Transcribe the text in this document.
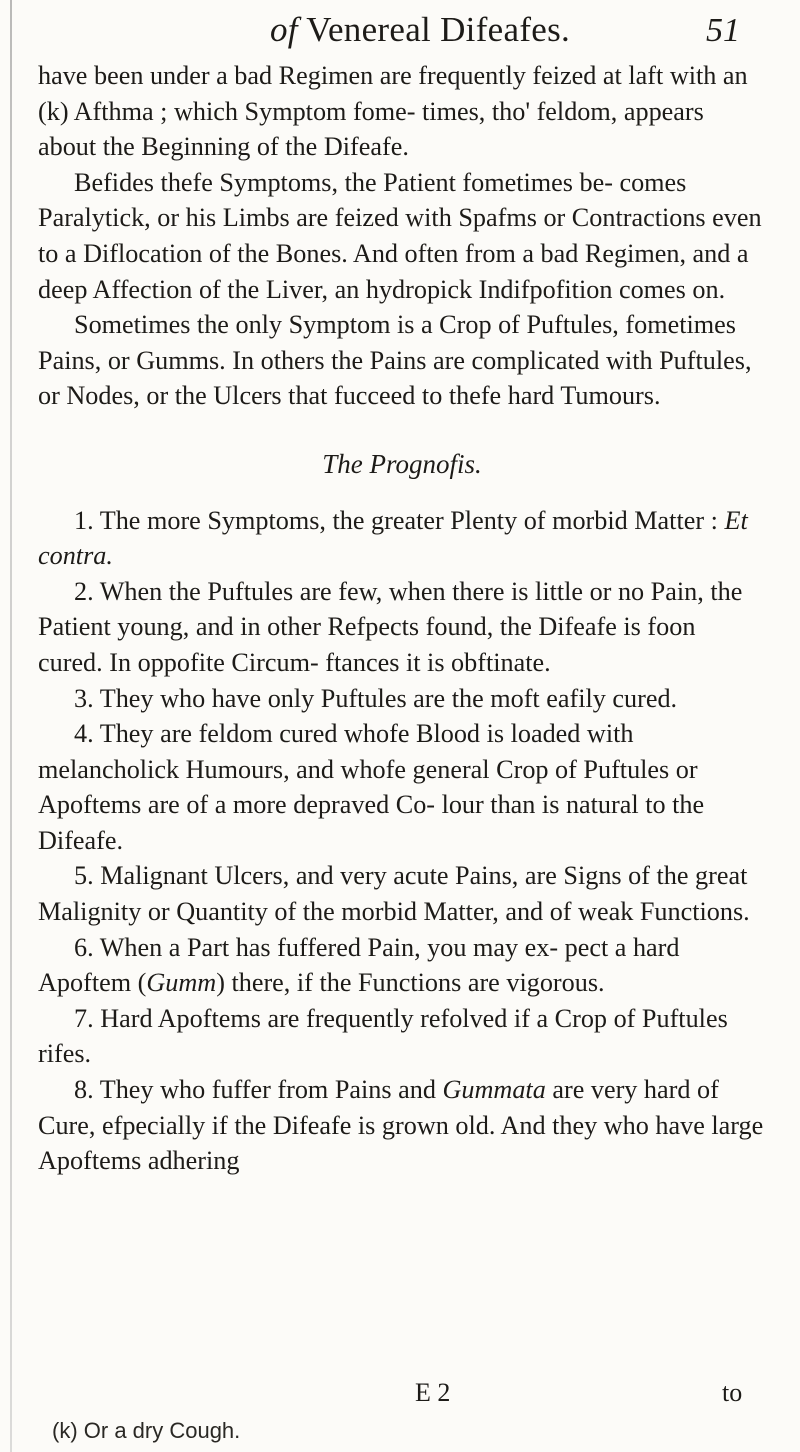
of Venereal Difeafes.	51

have been under a bad Regimen are frequently feized at laft with an (k) Afthma ; which Symptom fome- times, tho' feldom, appears about the Beginning of the Difeafe.

Befides thefe Symptoms, the Patient fometimes be- comes Paralytick, or his Limbs are feized with Spafms or Contractions even to a Diflocation of the Bones. And often from a bad Regimen, and a deep Affection of the Liver, an hydropick Indifpofition comes on.

Sometimes the only Symptom is a Crop of Puftules, fometimes Pains, or Gumms. In others the Pains are complicated with Puftules, or Nodes, or the Ulcers that fucceed to thefe hard Tumours.

The Prognofis.

1. The more Symptoms, the greater Plenty of morbid Matter : Et contra.

2. When the Puftules are few, when there is little or no Pain, the Patient young, and in other Refpects found, the Difeafe is foon cured. In oppofite Circum- ftances it is obftinate.

3. They who have only Puftules are the moft eafily cured.

4. They are feldom cured whofe Blood is loaded with melancholick Humours, and whofe general Crop of Puftules or Apoftems are of a more depraved Co- lour than is natural to the Difeafe.

5. Malignant Ulcers, and very acute Pains, are Signs of the great Malignity or Quantity of the morbid Matter, and of weak Functions.

6. When a Part has fuffered Pain, you may ex- pect a hard Apoftem (Gumm) there, if the Functions are vigorous.

7. Hard Apoftems are frequently refolved if a Crop of Puftules rifes.

8. They who fuffer from Pains and Gummata are very hard of Cure, efpecially if the Difeafe is grown old. And they who have large Apoftems adhering

E 2	to
(k) Or a dry Cough.
